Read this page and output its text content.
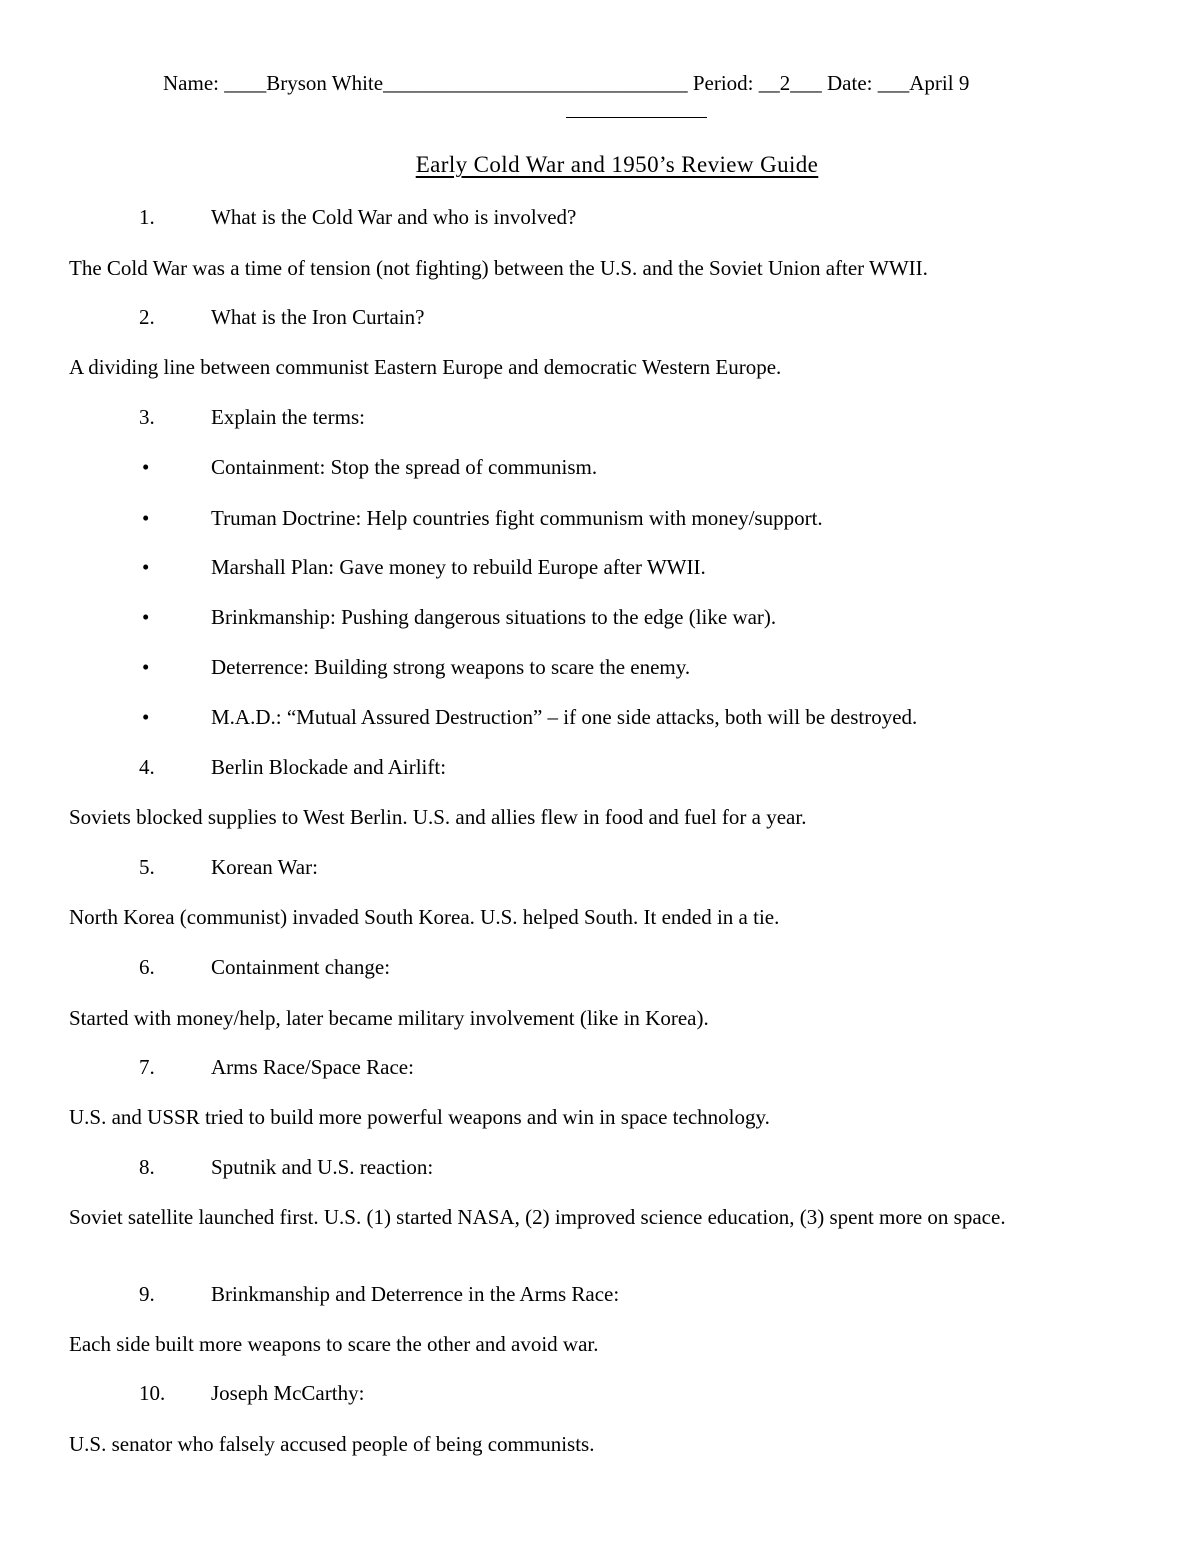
Name: ____Bryson White_____________________________ Period: __2___ Date: ___April 9
Early Cold War and 1950’s Review Guide
1.	What is the Cold War and who is involved?
The Cold War was a time of tension (not fighting) between the U.S. and the Soviet Union after WWII.
2.	What is the Iron Curtain?
A dividing line between communist Eastern Europe and democratic Western Europe.
3.	Explain the terms:
•	Containment: Stop the spread of communism.
•	Truman Doctrine: Help countries fight communism with money/support.
•	Marshall Plan: Gave money to rebuild Europe after WWII.
•	Brinkmanship: Pushing dangerous situations to the edge (like war).
•	Deterrence: Building strong weapons to scare the enemy.
•	M.A.D.: “Mutual Assured Destruction” – if one side attacks, both will be destroyed.
4.	Berlin Blockade and Airlift:
Soviets blocked supplies to West Berlin. U.S. and allies flew in food and fuel for a year.
5.	Korean War:
North Korea (communist) invaded South Korea. U.S. helped South. It ended in a tie.
6.	Containment change:
Started with money/help, later became military involvement (like in Korea).
7.	Arms Race/Space Race:
U.S. and USSR tried to build more powerful weapons and win in space technology.
8.	Sputnik and U.S. reaction:
Soviet satellite launched first. U.S. (1) started NASA, (2) improved science education, (3) spent more on space.
9.	Brinkmanship and Deterrence in the Arms Race:
Each side built more weapons to scare the other and avoid war.
10. Joseph McCarthy:
U.S. senator who falsely accused people of being communists.
